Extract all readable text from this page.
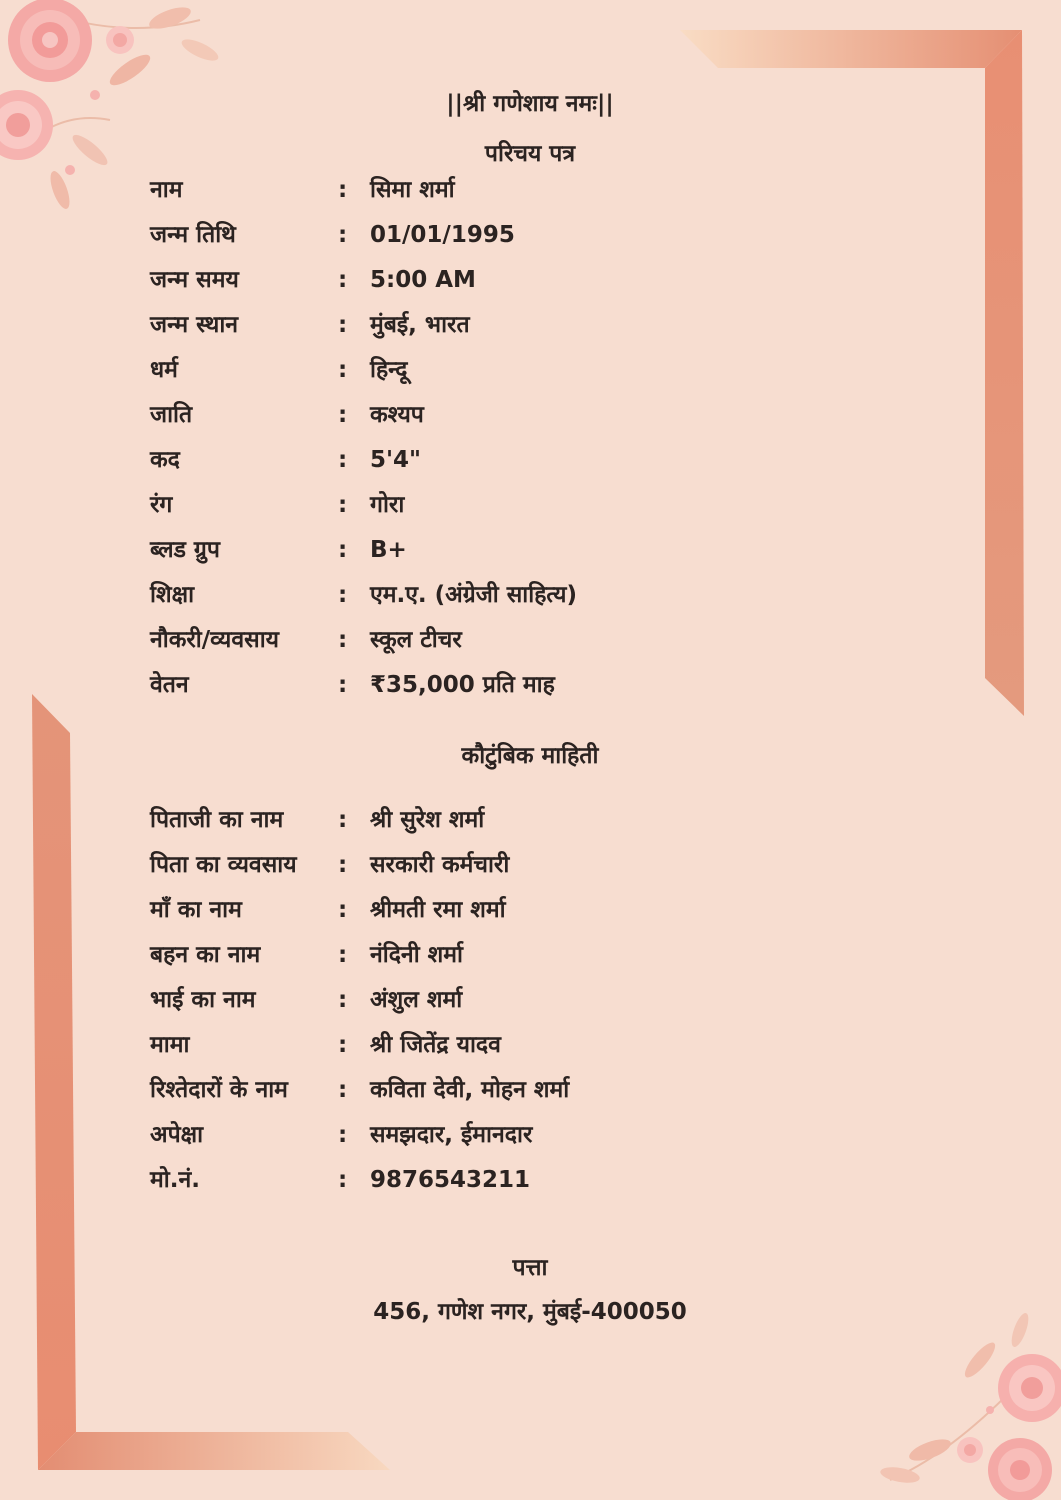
||श्री गणेशाय नमः||
परिचय पत्र
नाम	: सिमा शर्मा
जन्म तिथि	: 01/01/1995
जन्म समय	: 5:00 AM
जन्म स्थान	: मुंबई, भारत
धर्म	: हिन्दू
जाति	: कश्यप
कद	: 5'4"
रंग	: गोरा
ब्लड ग्रुप	: B+
शिक्षा	: एम.ए. (अंग्रेजी साहित्य)
नौकरी/व्यवसाय	: स्कूल टीचर
वेतन	: ₹35,000 प्रति माह
कौटुंबिक माहिती
पिताजी का नाम : श्री सुरेश शर्मा
पिता का व्यवसाय : सरकारी कर्मचारी
माँ का नाम	: श्रीमती रमा शर्मा
बहन का नाम	: नंदिनी शर्मा
भाई का नाम	: अंशुल शर्मा
मामा	: श्री जितेंद्र यादव
रिश्तेदारों के नाम : कविता देवी, मोहन शर्मा
अपेक्षा	: समझदार, ईमानदार
मो.नं.	: 9876543211
पत्ता
456, गणेश नगर, मुंबई-400050
